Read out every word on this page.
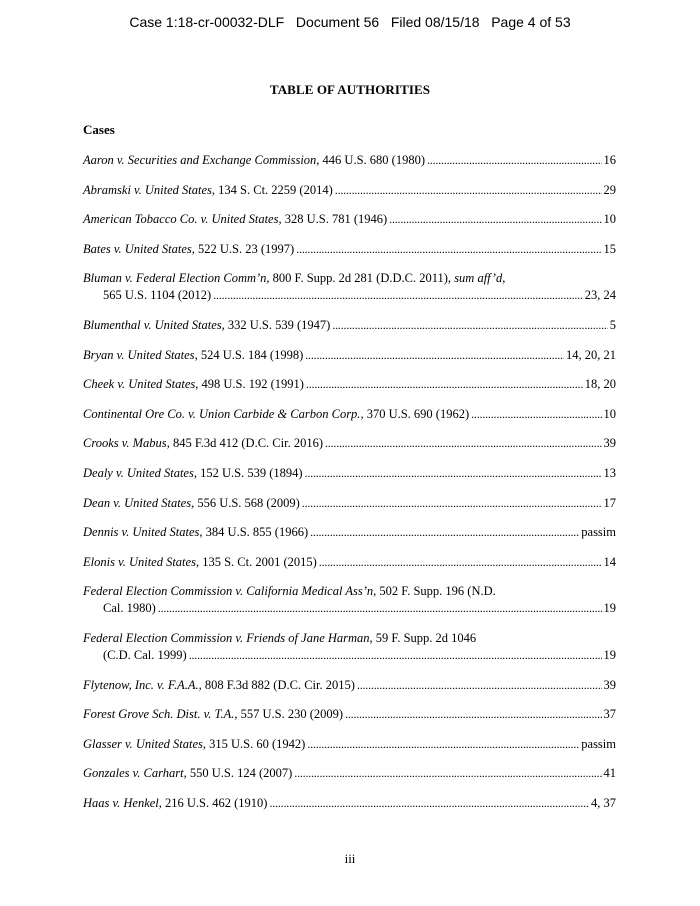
Case 1:18-cr-00032-DLF   Document 56   Filed 08/15/18   Page 4 of 53
TABLE OF AUTHORITIES
Cases
Aaron v. Securities and Exchange Commission, 446 U.S. 680 (1980) . . .	16
Abramski v. United States, 134 S. Ct. 2259 (2014) . . .	29
American Tobacco Co. v. United States, 328 U.S. 781 (1946) . . .	10
Bates v. United States, 522 U.S. 23 (1997) . . .	15
Bluman v. Federal Election Comm’n, 800 F. Supp. 2d 281 (D.D.C. 2011), sum aff’d,
565 U.S. 1104 (2012) . . .	23, 24
Blumenthal v. United States, 332 U.S. 539 (1947) . . .	5
Bryan v. United States, 524 U.S. 184 (1998) . . .	14, 20, 21
Cheek v. United States, 498 U.S. 192 (1991) . . .	18, 20
Continental Ore Co. v. Union Carbide & Carbon Corp., 370 U.S. 690 (1962) . . .	10
Crooks v. Mabus, 845 F.3d 412 (D.C. Cir. 2016) . . .	39
Dealy v. United States, 152 U.S. 539 (1894) . . .	13
Dean v. United States, 556 U.S. 568 (2009) . . .	17
Dennis v. United States, 384 U.S. 855 (1966) . . .	passim
Elonis v. United States, 135 S. Ct. 2001 (2015) . . .	14
Federal Election Commission v. California Medical Ass’n, 502 F. Supp. 196 (N.D.
Cal. 1980) . . .	19
Federal Election Commission v. Friends of Jane Harman, 59 F. Supp. 2d 1046
(C.D. Cal. 1999) . . .	19
Flytenow, Inc. v. F.A.A., 808 F.3d 882 (D.C. Cir. 2015) . . .	39
Forest Grove Sch. Dist. v. T.A., 557 U.S. 230 (2009) . . .	37
Glasser v. United States, 315 U.S. 60 (1942) . . .	passim
Gonzales v. Carhart, 550 U.S. 124 (2007) . . .	41
Haas v. Henkel, 216 U.S. 462 (1910) . . .	4, 37
iii
